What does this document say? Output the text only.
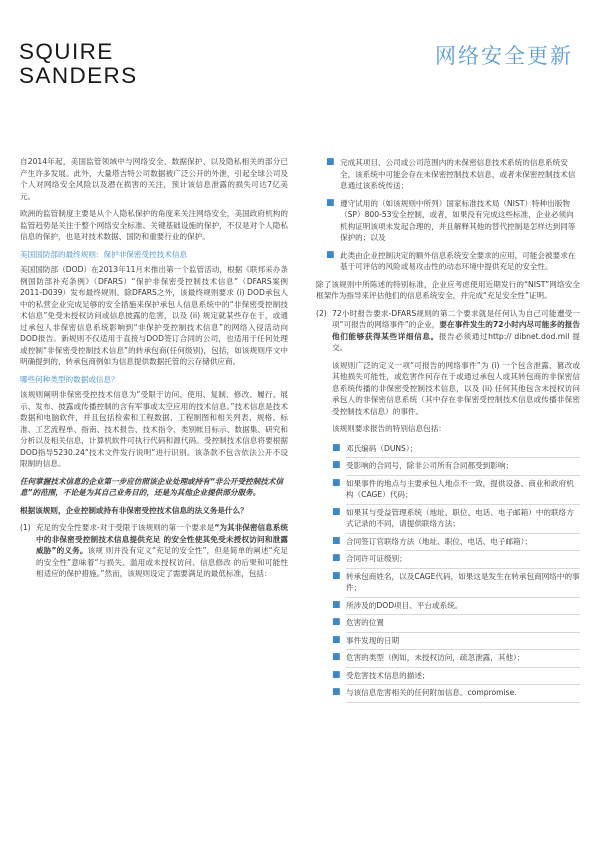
SQUIRE
SANDERS
网络安全更新

自2014年起，美国监管领域中与网络安全、数据保护、以及隐私相关的部分已产生许多发展。此外，大量塔吉特公司数据被广泛公开的外泄，引起全球公司及个人对网络安全风险以及潜在损害的关注，预计该信息泄露的损失可达7亿美元。

欧洲的监管制度主要是从个人隐私保护的角度来关注网络安全，美国政府机构的监管趋势是关注于整个网络安全标准、关键基础设施的保护，不仅是对个人隐私信息的保护，也是对技术数据、国防和重要行业的保护。

美国国防部的最终规则：保护非保密受控技术信息

美国国防部（DOD）在2013年11月末推出第一个监管活动，根据《联邦采办条例国防部补充条例》（DFARS）“保护非保密受控制技术信息”（DFARS案例2011-D039）发布最终规则。除DFARS之外，该最终规则要求 (i) DOD承包人中的私营企业完成足够的安全措施来保护承包人信息系统中的“非保密受控制技术信息”免受未授权访问或信息披露的危害，以及 (ii) 规定就某些存在于，或通过承包人非保密信息系统影响到“非保护受控制技术信息”的网络入侵活动向DOD报告。新规则不仅适用于直接与DOD签订合同的公司，也适用于任何处理或控制“非保密受控制技术信息”的转承包商(任何级别)，包括，如该规则序文中明确提到的，转承包商例如为信息提供数据托管的云存储供应商。

哪些何种类型的数据或信息？

该规则阐明非保密受控技术信息为“受限于访问、使用、复制、修改、履行、展示、发布、披露或传播控制的含有军事或太空应用的技术信息。”技术信息是技术数据和电脑软件，并且包括检索和工程数据、工程制图和相关列表、规格、标准、工艺流程单、指南、技术报告、技术指令、类别帐目标示、数据集、研究和分析以及相关信息，计算机软件可执行代码和源代码。受控制技术信息将要根据DOD指导5230.24“技术文件发行说明”进行识别。该条款不包含依法公开不设限制的信息。

任何掌握技术信息的企业第一步应仿照该企业处理或持有“非公开受控制技术信息”的范围，不论是为其自己业务目的，还是为其他企业提供部分服务。

根据该规则，企业控制或持有非保密受控技术信息的法义务是什么？

(1) 充足的安全性要求-对于受限于该规则的第一个要求是“为其非保密信息系统中的非保密受控制技术信息提供充足 的安全性使其免受未授权访问和泄露威胁”的义务。该规 则并没有定义“充足的安全性”，但是简单的阐述“充足 的安全性”意味着“与损失、滥用或未授权访问、信息修改 的后果和可能性相适应的保护措施。”然而，该规则设定了需要满足的最低标准，包括：
■ 完成其项目、公司或公司范围内的未保密信息技术系统的信息系统安全，该系统中可能会存在未保密控制技术信息，或者未保密控制技术信息通过该系统传送；
■ 遵守试用的（如该规则中所列）国家标准技术局（NIST）特种出版物（SP）800-53安全控制，或者，如果没有完成这些标准，企业必须向机构证明该项未发起合理的，并且解释其他的替代控制是怎样达到同等保护的；以及
■ 此类由企业控制决定的额外信息系统安全要求的应用，可能会被要求在基于可评估的风险或易攻击性的动态环境中提供充足的安全性。

除了该规则中所陈述的特别标准，企业应考虑使用近期发行的“NIST”网络安全框架作为指导来评估他们的信息系统安全，并完成“充足安全性”证明。

(2) 72小时报告要求-DFARS规则的第二个要求就是任何认为自己可能遭受一项“可报告的网络事件”的企业，要在事件发生的72小时内尽可能多的报告他们能够获得某些详细信息。报告必须通过http:// dibnet.dod.mil 提交。

该规则广泛的定义一项“可报告的网络事件”为 (i) 一个包含泄露、篡改或其他损失可能性，或危害作何存在于或通过承包人或其转包商的非保密信息系统传播的非保密受控制技术信息，以及 (ii) 任何其他包含未授权访问承包人的非保密信息系统（其中存在非保密受控制技术信息或传播非保密受控制技术信息）的事件。

该规则要求报告的特别信息包括：

■ 邓氏编码（DUNS）；
■ 受影响的合同号，除非公司所有合同都受到影响；
■ 如果事件的地点与主要承包人地点不一致，提供设备、商业和政府机构（CAGE）代码；
■ 如果其与受益管理系统（地址、职位、电话、电子邮箱）中的联络方式记录的不同，请提供联络方法；
■ 合同签订官联络方法（地址、职位、电话、电子邮箱）；
■ 合同许可证级别；
■ 转承包商姓名，以及CAGE代码，如果这是发生在转承包商网络中的事件；
■ 所涉及的DOD项目、平台或系统。
■ 危害的位置
■ 事件发现的日期
■ 危害的类型（例如，未授权访问，疏忽泄露，其他）；
■ 受危害技术信息的描述；
■ 与该信息危害相关的任何附加信息。compromise.
